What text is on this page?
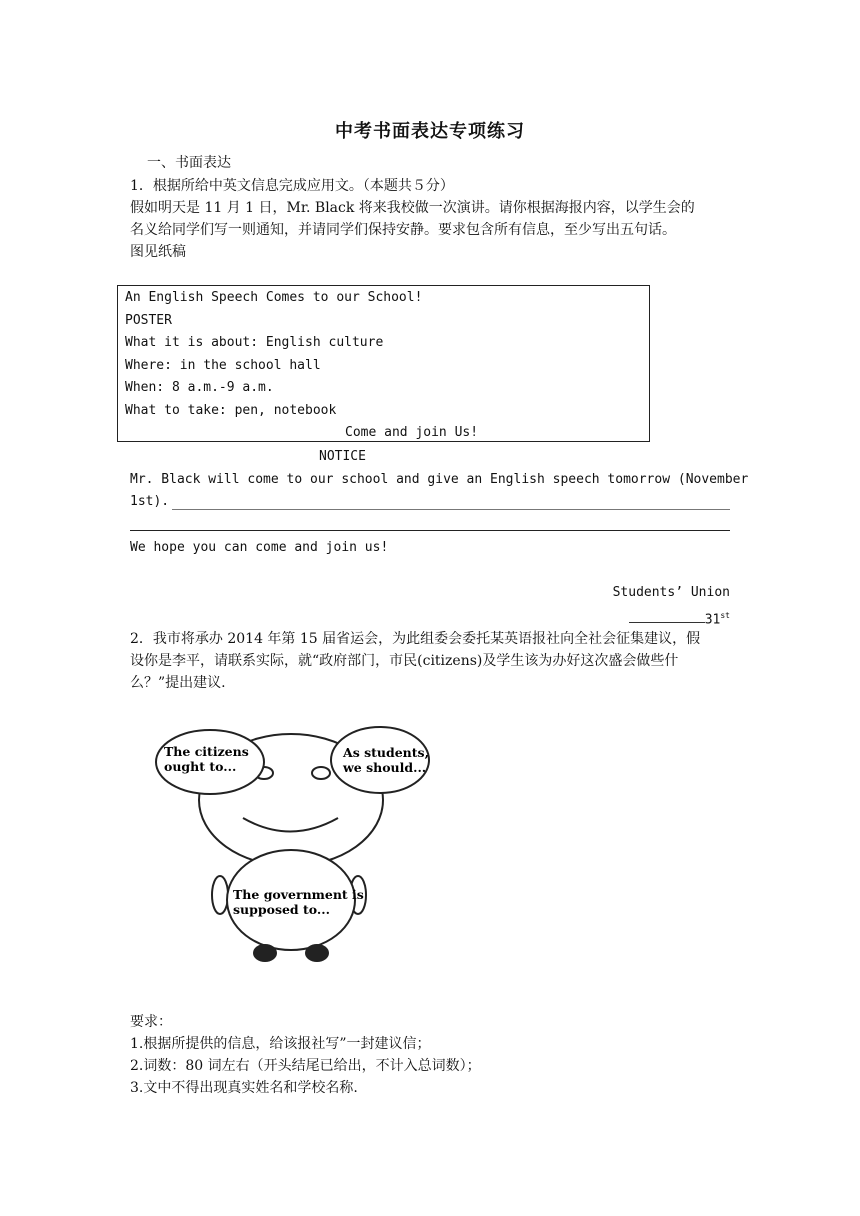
中考书面表达专项练习
一、书面表达
1．根据所给中英文信息完成应用文。（本题共５分）
假如明天是 11 月 1 日，Mr. Black 将来我校做一次演讲。请你根据海报内容，以学生会的
名义给同学们写一则通知，并请同学们保持安静。要求包含所有信息，至少写出五句话。
图见纸稿
An English Speech Comes to our School!
POSTER
What it is about: English culture
Where: in the school hall
When: 8 a.m.-9 a.m.
What to take: pen, notebook
Come and join Us!
NOTICE
Mr. Black will come to our school and give an English speech tomorrow (November
1st).
We hope you can come and join us!
Students’ Union
31st
2．我市将承办 2014 年第 15 届省运会，为此组委会委托某英语报社向全社会征集建议，假
设你是李平，请联系实际，就“政府部门，市民(citizens)及学生该为办好这次盛会做些什
么？”提出建议.
The citizens
ought to...
As students,
we should...
The government is
supposed to...
要求：
1.根据所提供的信息，给该报社写”一封建议信；
2.词数：80 词左右（开头结尾已给出，不计入总词数）；
3.文中不得出现真实姓名和学校名称.
